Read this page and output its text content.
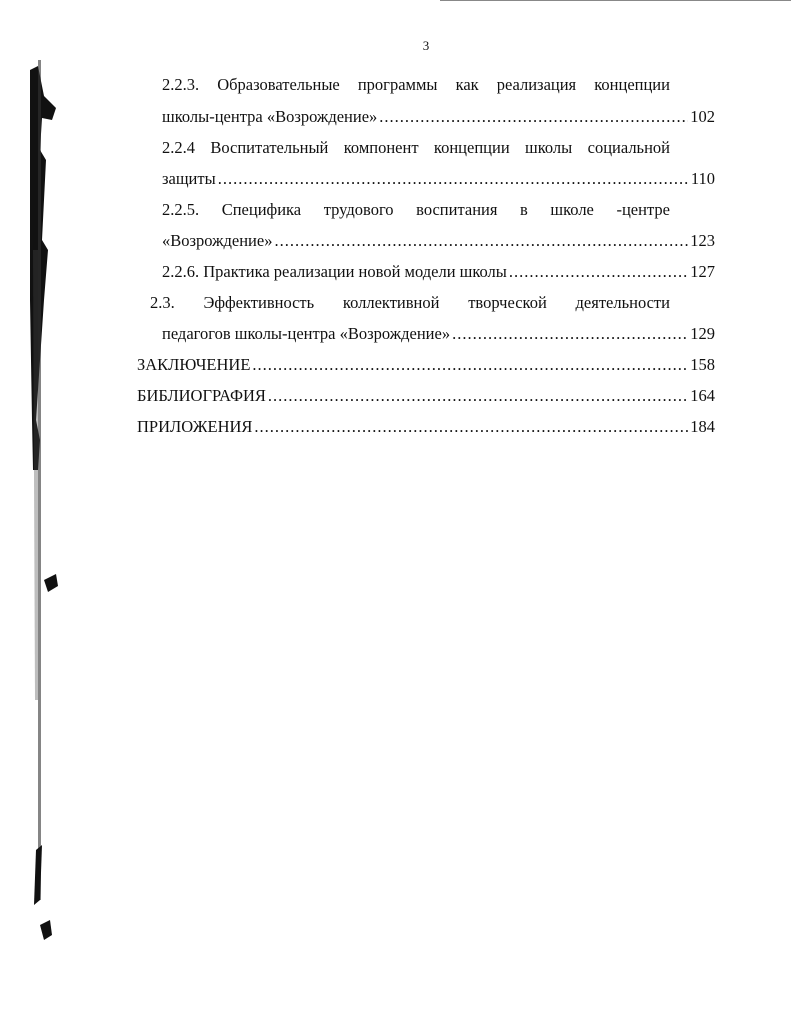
3
2.2.3. Образовательные программы как реализация концепции
школы-центра «Возрождение» .....	102
2.2.4 Воспитательный компонент концепции школы социальной
защиты .....	110
2.2.5. Специфика трудового воспитания в школе -центре
«Возрождение» .....	123
2.2.6. Практика реализации новой модели школы .....	127
2.3. Эффективность коллективной творческой деятельности
педагогов школы-центра «Возрождение» .....	129
ЗАКЛЮЧЕНИЕ .....	158
БИБЛИОГРАФИЯ .....	164
ПРИЛОЖЕНИЯ .....	184
